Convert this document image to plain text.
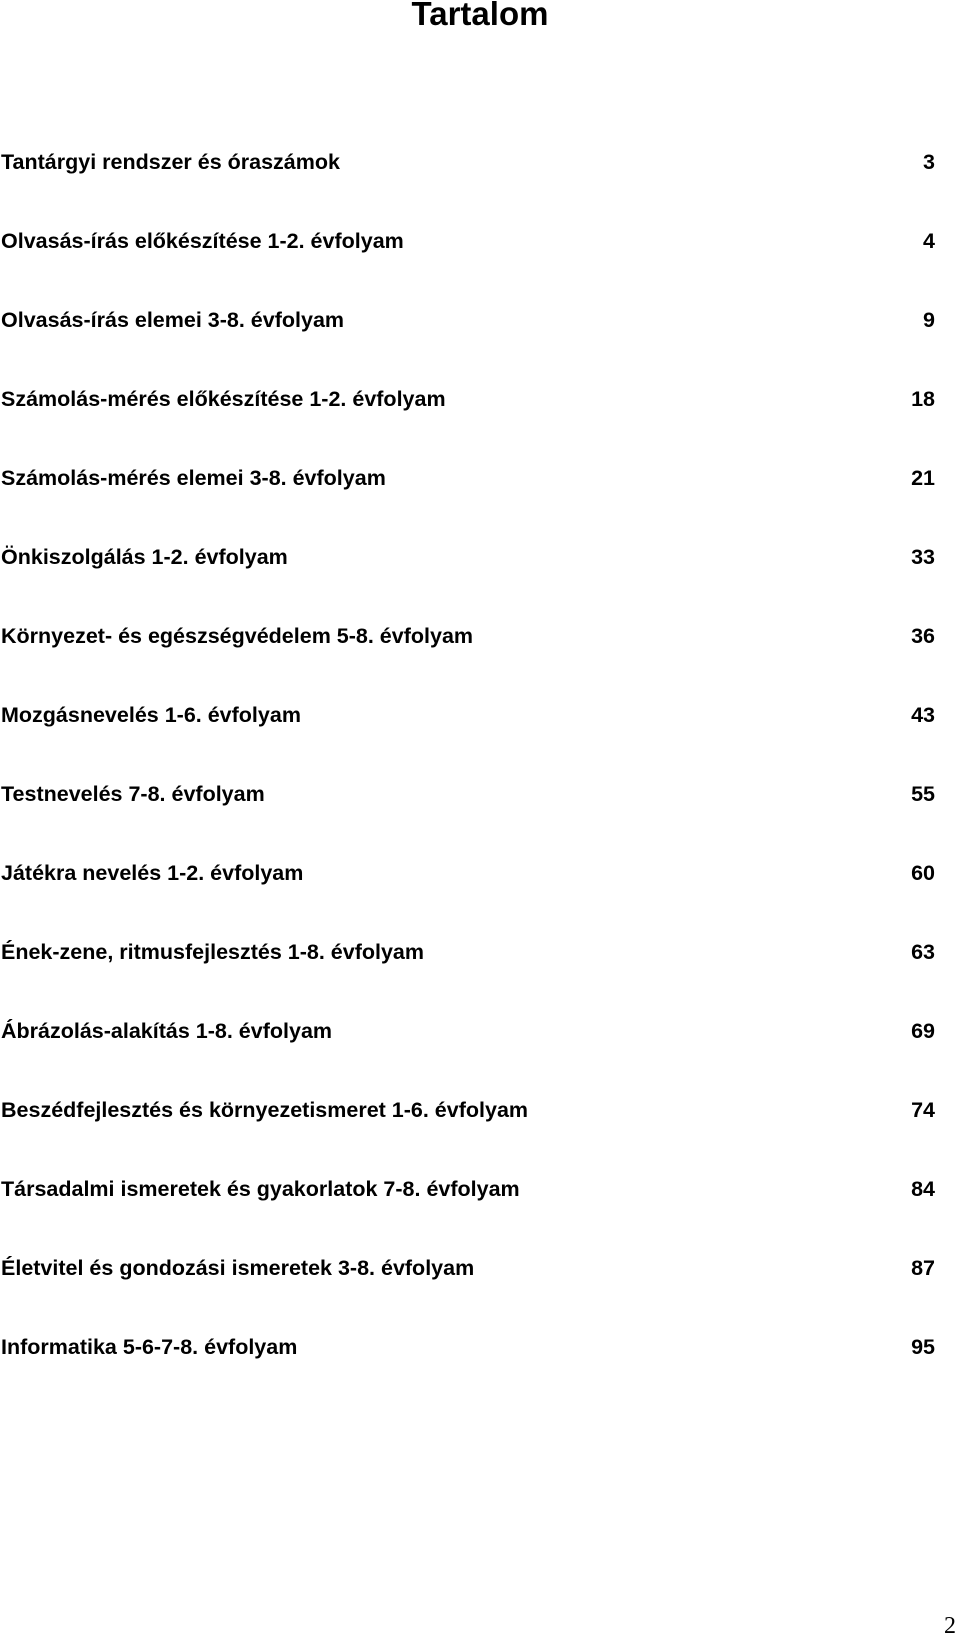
Tartalom
Tantárgyi rendszer és óraszámok	3
Olvasás-írás előkészítése 1-2. évfolyam	4
Olvasás-írás elemei 3-8. évfolyam	9
Számolás-mérés előkészítése 1-2. évfolyam	18
Számolás-mérés elemei 3-8. évfolyam	21
Önkiszolgálás 1-2. évfolyam	33
Környezet- és egészségvédelem 5-8. évfolyam	36
Mozgásnevelés 1-6. évfolyam	43
Testnevelés 7-8. évfolyam	55
Játékra nevelés 1-2. évfolyam	60
Ének-zene, ritmusfejlesztés 1-8. évfolyam	63
Ábrázolás-alakítás 1-8. évfolyam	69
Beszédfejlesztés és környezetismeret 1-6. évfolyam	74
Társadalmi ismeretek és gyakorlatok 7-8. évfolyam	84
Életvitel és gondozási ismeretek 3-8. évfolyam	87
Informatika 5-6-7-8. évfolyam	95
2
